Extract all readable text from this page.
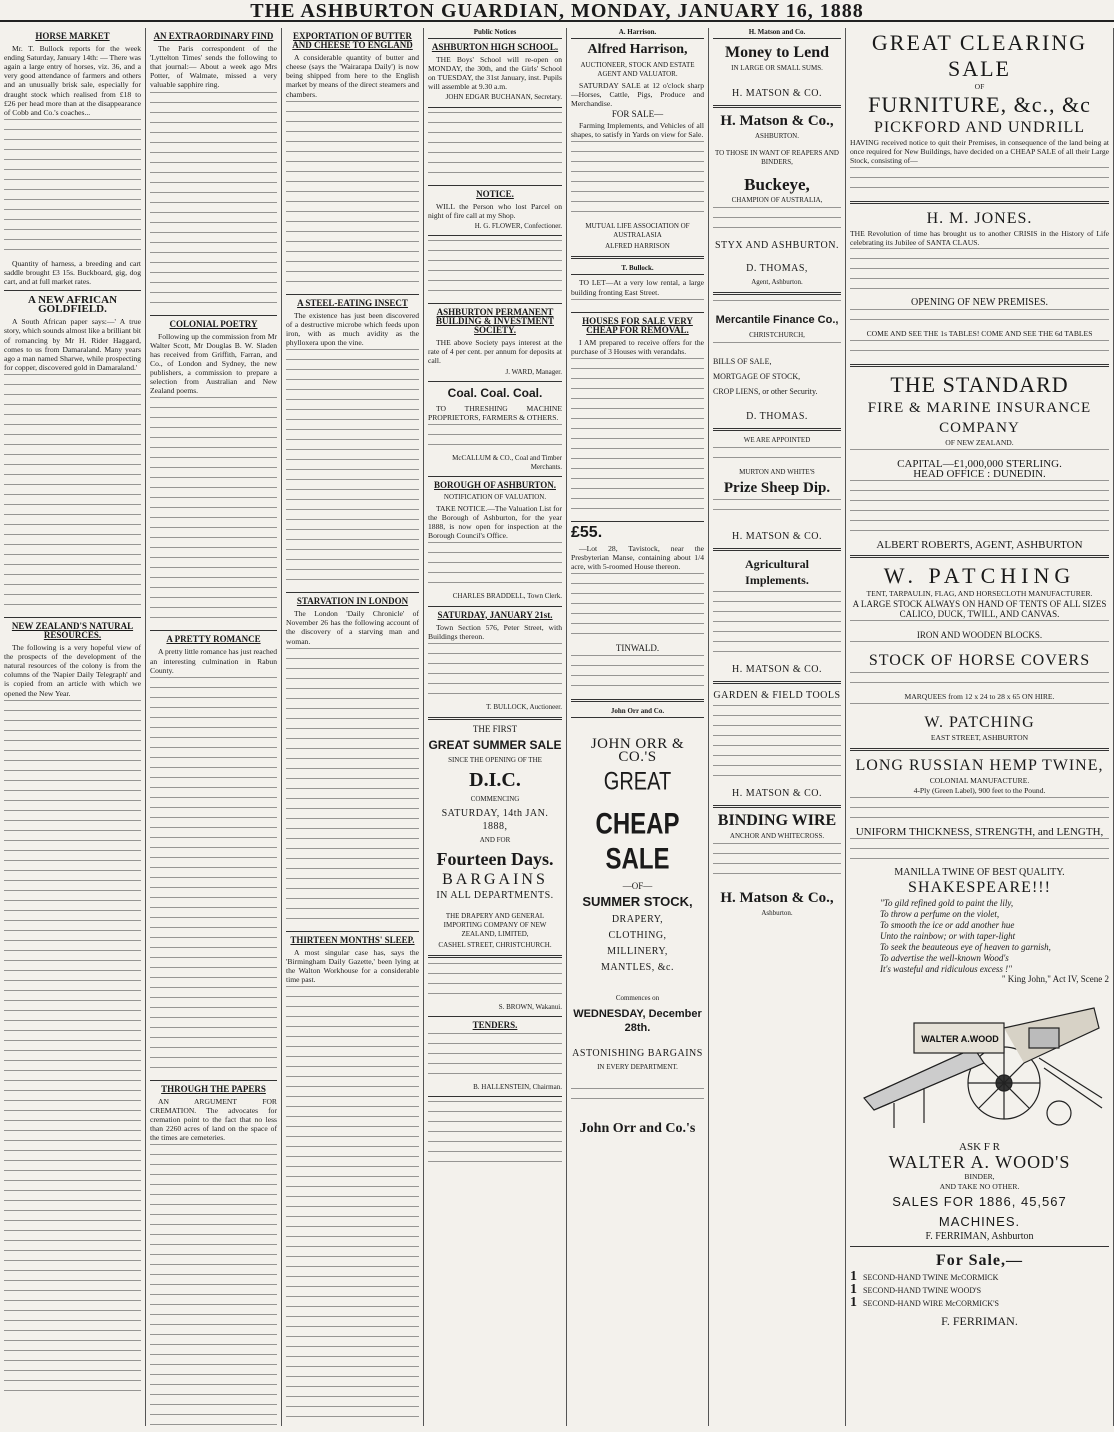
THE ASHBURTON GUARDIAN, MONDAY, JANUARY 16, 1888
HORSE MARKET

Mr. T. Bullock reports for the week ending Saturday, January 14th: — There was again a large entry of horses, viz. 36, and a very good attendance of farmers and others and an unusually brisk sale, especially for draught stock which realised from £18 to £26 per head more than at the disappearance of Cobb and Co.'s coaches...

Quantity of harness, a breeding and cart saddle brought £3 15s. Buckboard, gig, dog cart, and at full market rates.

A NEW AFRICAN GOLDFIELD.

A South African paper says:—' A true story, which sounds almost like a brilliant bit of romancing by Mr H. Rider Haggard, comes to us from Damaraland. Many years ago a man named Sharwe, while prospecting for copper, discovered gold in Damaraland.'

NEW ZEALAND'S NATURAL RESOURCES.

The following is a very hopeful view of the prospects of the development of the natural resources of the colony is from the columns of the 'Napier Daily Telegraph' and is copied from an article with which we opened the New Year.

AN EXTRAORDINARY FIND

The Paris correspondent of the 'Lyttelton Times' sends the following to that journal:— About a week ago Mrs Potter, of Walmate, missed a very valuable sapphire ring.

COLONIAL POETRY

Following up the commission from Mr Walter Scott, Mr Douglas B. W. Sladen has received from Griffith, Farran, and Co., of London and Sydney, the new publishers, a commission to prepare a selection from Australian and New Zealand poems.

A PRETTY ROMANCE

A pretty little romance has just reached an interesting culmination in Rabun County.

THROUGH THE PAPERS

AN ARGUMENT FOR CREMATION. The advocates for cremation point to the fact that no less than 2260 acres of land on the space of the times are cemeteries.

EXPORTATION OF BUTTER AND CHEESE TO ENGLAND

A considerable quantity of butter and cheese (says the 'Wairarapa Daily') is now being shipped from here to the English market by means of the direct steamers and chambers.

A STEEL-EATING INSECT

The existence has just been discovered of a destructive microbe which feeds upon iron, with as much avidity as the phylloxera upon the vine.

STARVATION IN LONDON

The London 'Daily Chronicle' of November 26 has the following account of the discovery of a starving man and woman.

THIRTEEN MONTHS' SLEEP.

A most singular case has, says the 'Birmingham Daily Gazette,' been lying at the Walton Workhouse for a considerable time past.

Public Notices
ASHBURTON HIGH SCHOOL.

THE Boys' School will re-open on MONDAY, the 30th, and the Girls' School on TUESDAY, the 31st January, inst. Pupils will assemble at 9.30 a.m.

JOHN EDGAR BUCHANAN, Secretary.
NOTICE.

WILL the Person who lost Parcel on night of fire call at my Shop.

H. G. FLOWER, Confectioner.
ASHBURTON PERMANENT BUILDING & INVESTMENT SOCIETY.

THE above Society pays interest at the rate of 4 per cent. per annum for deposits at call.

J. WARD, Manager.
Coal. Coal. Coal.

TO THRESHING MACHINE PROPRIETORS, FARMERS & OTHERS.

McCALLUM & CO., Coal and Timber Merchants.
BOROUGH OF ASHBURTON.
NOTIFICATION OF VALUATION.

TAKE NOTICE.—The Valuation List for the Borough of Ashburton, for the year 1888, is now open for inspection at the Borough Council's Office.

CHARLES BRADDELL, Town Clerk.
SATURDAY, JANUARY 21st.

Town Section 576, Peter Street, with Buildings thereon.

T. BULLOCK, Auctioneer.
THE FIRST
GREAT SUMMER SALE
SINCE THE OPENING OF THE
D.I.C.
COMMENCING
SATURDAY, 14th JAN. 1888,
AND FOR
Fourteen Days.
BARGAINS
IN ALL DEPARTMENTS.
THE DRAPERY AND GENERAL IMPORTING COMPANY OF NEW ZEALAND, LIMITED,
CASHEL STREET, CHRISTCHURCH.
S. BROWN, Wakanui.
TENDERS.
B. HALLENSTEIN, Chairman.
A. Harrison.
Alfred Harrison,
AUCTIONEER, STOCK AND ESTATE AGENT AND VALUATOR.

SATURDAY SALE at 12 o'clock sharp —Horses, Cattle, Pigs, Produce and Merchandise.

FOR SALE—

Farming Implements, and Vehicles of all shapes, to satisfy in Yards on view for Sale.

MUTUAL LIFE ASSOCIATION OF AUSTRALASIA
ALFRED HARRISON
T. Bullock.

TO LET—At a very low rental, a large building fronting East Street.

HOUSES FOR SALE VERY CHEAP FOR REMOVAL.

I AM prepared to receive offers for the purchase of 3 Houses with verandahs.

£55.

—Lot 28, Tavistock, near the Presbyterian Manse, containing about 1/4 acre, with 5-roomed House thereon.

TINWALD.
John Orr and Co.
JOHN ORR & CO.'S
GREAT
CHEAP SALE
—OF—
SUMMER STOCK,
DRAPERY,
CLOTHING,
MILLINERY,
MANTLES, &c.
Commences on
WEDNESDAY, December 28th.
ASTONISHING BARGAINS
IN EVERY DEPARTMENT.
John Orr and Co.'s
H. Matson and Co.
Money to Lend
IN LARGE OR SMALL SUMS.
H. MATSON & CO.
H. Matson & Co.,
ASHBURTON.
TO THOSE IN WANT OF REAPERS AND BINDERS,
Buckeye,
CHAMPION OF AUSTRALIA,
STYX AND ASHBURTON.
D. THOMAS,
Agent, Ashburton.
Mercantile Finance Co.,
CHRISTCHURCH,
BILLS OF SALE,
MORTGAGE OF STOCK,
CROP LIENS, or other Security.
D. THOMAS.
WE ARE APPOINTED
MURTON AND WHITE'S
Prize Sheep Dip.
H. MATSON & CO.
Agricultural Implements.
H. MATSON & CO.
GARDEN & FIELD TOOLS
H. MATSON & CO.
BINDING WIRE
ANCHOR AND WHITECROSS.
H. Matson & Co.,
Ashburton.
GREAT CLEARING SALE
OF
FURNITURE, &c., &c
PICKFORD AND UNDRILL

HAVING received notice to quit their Premises, in consequence of the land being at once required for New Buildings, have decided on a CHEAP SALE of all their Large Stock, consisting of—

H. M. JONES.

THE Revolution of time has brought us to another CRISIS in the History of Life celebrating its Jubilee of SANTA CLAUS.

OPENING OF NEW PREMISES.
COME AND SEE THE 1s TABLES! COME AND SEE THE 6d TABLES
THE STANDARD
FIRE & MARINE INSURANCE COMPANY
OF NEW ZEALAND.
CAPITAL—£1,000,000 STERLING.
HEAD OFFICE : DUNEDIN.
ALBERT ROBERTS, AGENT, ASHBURTON
W. PATCHING
TENT, TARPAULIN, FLAG, AND HORSECLOTH MANUFACTURER.
A LARGE STOCK ALWAYS ON HAND OF TENTS OF ALL SIZES CALICO, DUCK, TWILL, AND CANVAS.
IRON AND WOODEN BLOCKS.
STOCK OF HORSE COVERS
MARQUEES from 12 x 24 to 28 x 65 ON HIRE.
W. PATCHING
EAST STREET, ASHBURTON
LONG RUSSIAN HEMP TWINE,
COLONIAL MANUFACTURE.
4-Ply (Green Label), 900 feet to the Pound.
UNIFORM THICKNESS, STRENGTH, and LENGTH,
MANILLA TWINE OF BEST QUALITY.
SHAKESPEARE!!!
"To gild refined gold to paint the lily,
To throw a perfume on the violet,
To smooth the ice or add another hue
Unto the rainbow; or with taper-light
To seek the beauteous eye of heaven to garnish,
To advertise the well-known Wood's
It's wasteful and ridiculous excess !"
" King John," Act IV, Scene 2
WALTER A.WOOD
ASK F R
WALTER A. WOOD'S
BINDER,
AND TAKE NO OTHER.
SALES FOR 1886, 45,567 MACHINES.
F. FERRIMAN, Ashburton
For Sale,—
1 SECOND-HAND TWINE McCORMICK
1 SECOND-HAND TWINE WOOD'S
1 SECOND-HAND WIRE McCORMICK'S
F. FERRIMAN.
